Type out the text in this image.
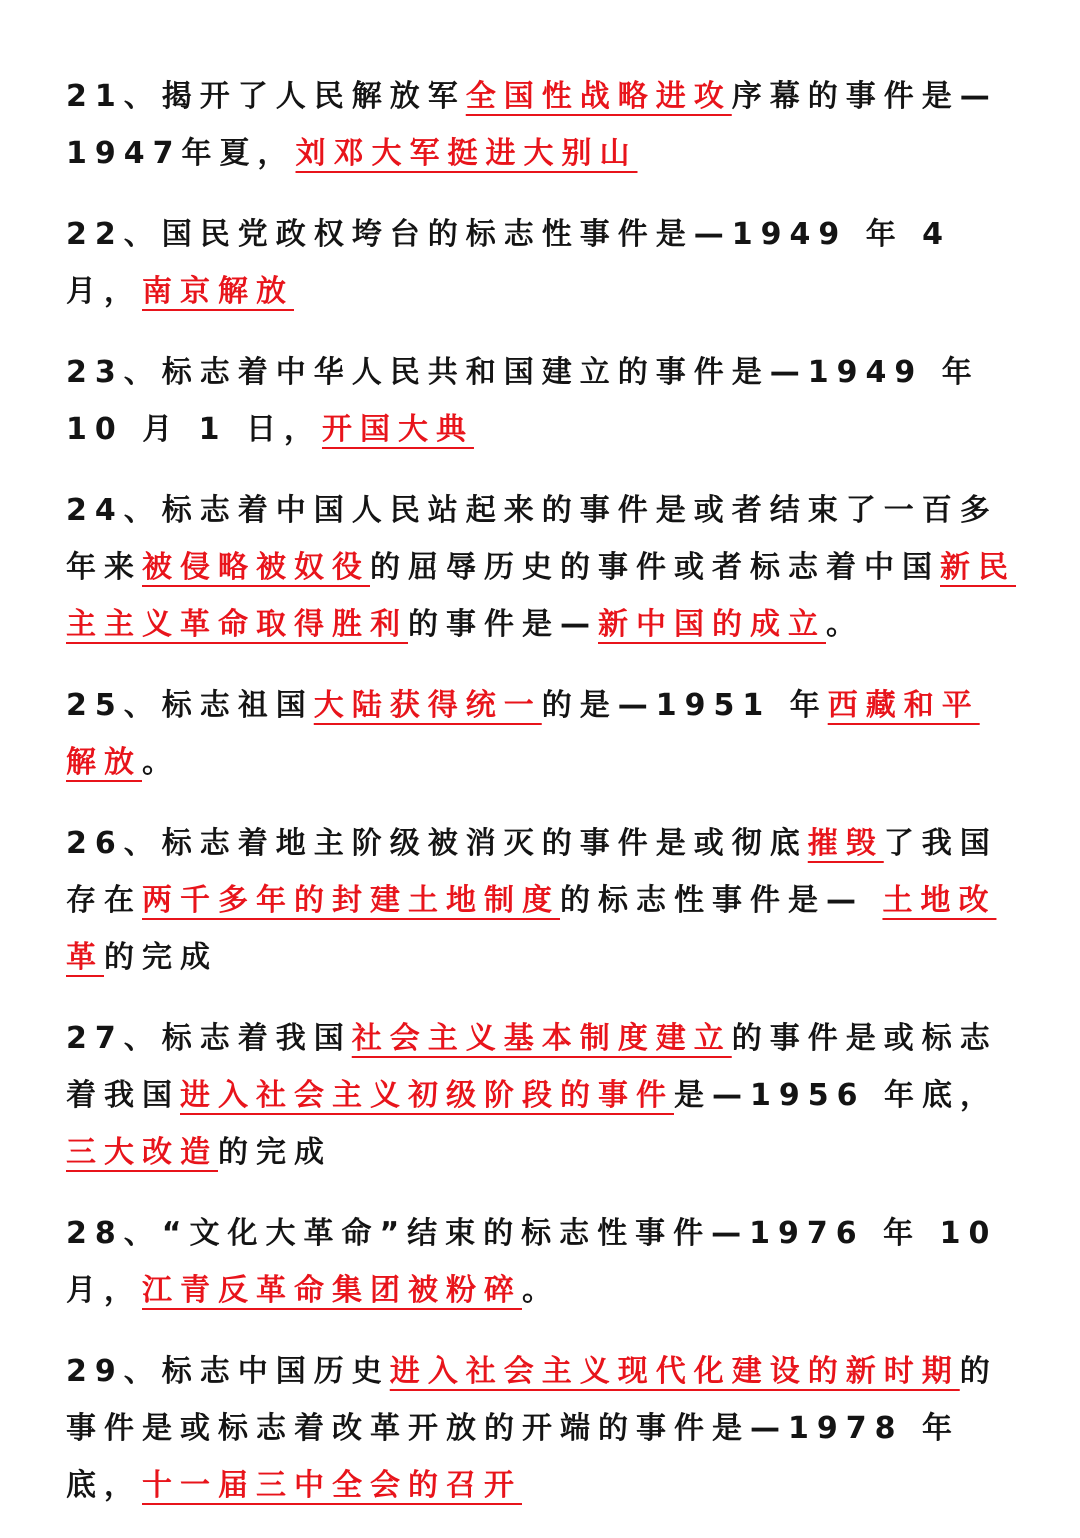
21、揭开了人民解放军全国性战略进攻序幕的事件是—1947年夏，刘邓大军挺进大别山

22、国民党政权垮台的标志性事件是—1949 年 4 月，南京解放

23、标志着中华人民共和国建立的事件是—1949 年 10 月 1 日，开国大典

24、标志着中国人民站起来的事件是或者结束了一百多年来被侵略被奴役的屈辱历史的事件或者标志着中国新民主主义革命取得胜利的事件是—新中国的成立。

25、标志祖国大陆获得统一的是—1951 年西藏和平解放。

26、标志着地主阶级被消灭的事件是或彻底摧毁了我国存在两千多年的封建土地制度的标志性事件是— 土地改革的完成

27、标志着我国社会主义基本制度建立的事件是或标志着我国进入社会主义初级阶段的事件是—1956 年底，三大改造的完成

28、“文化大革命”结束的标志性事件—1976 年 10 月，江青反革命集团被粉碎。

29、标志中国历史进入社会主义现代化建设的新时期的事件是或标志着改革开放的开端的事件是—1978 年底，十一届三中全会的召开
